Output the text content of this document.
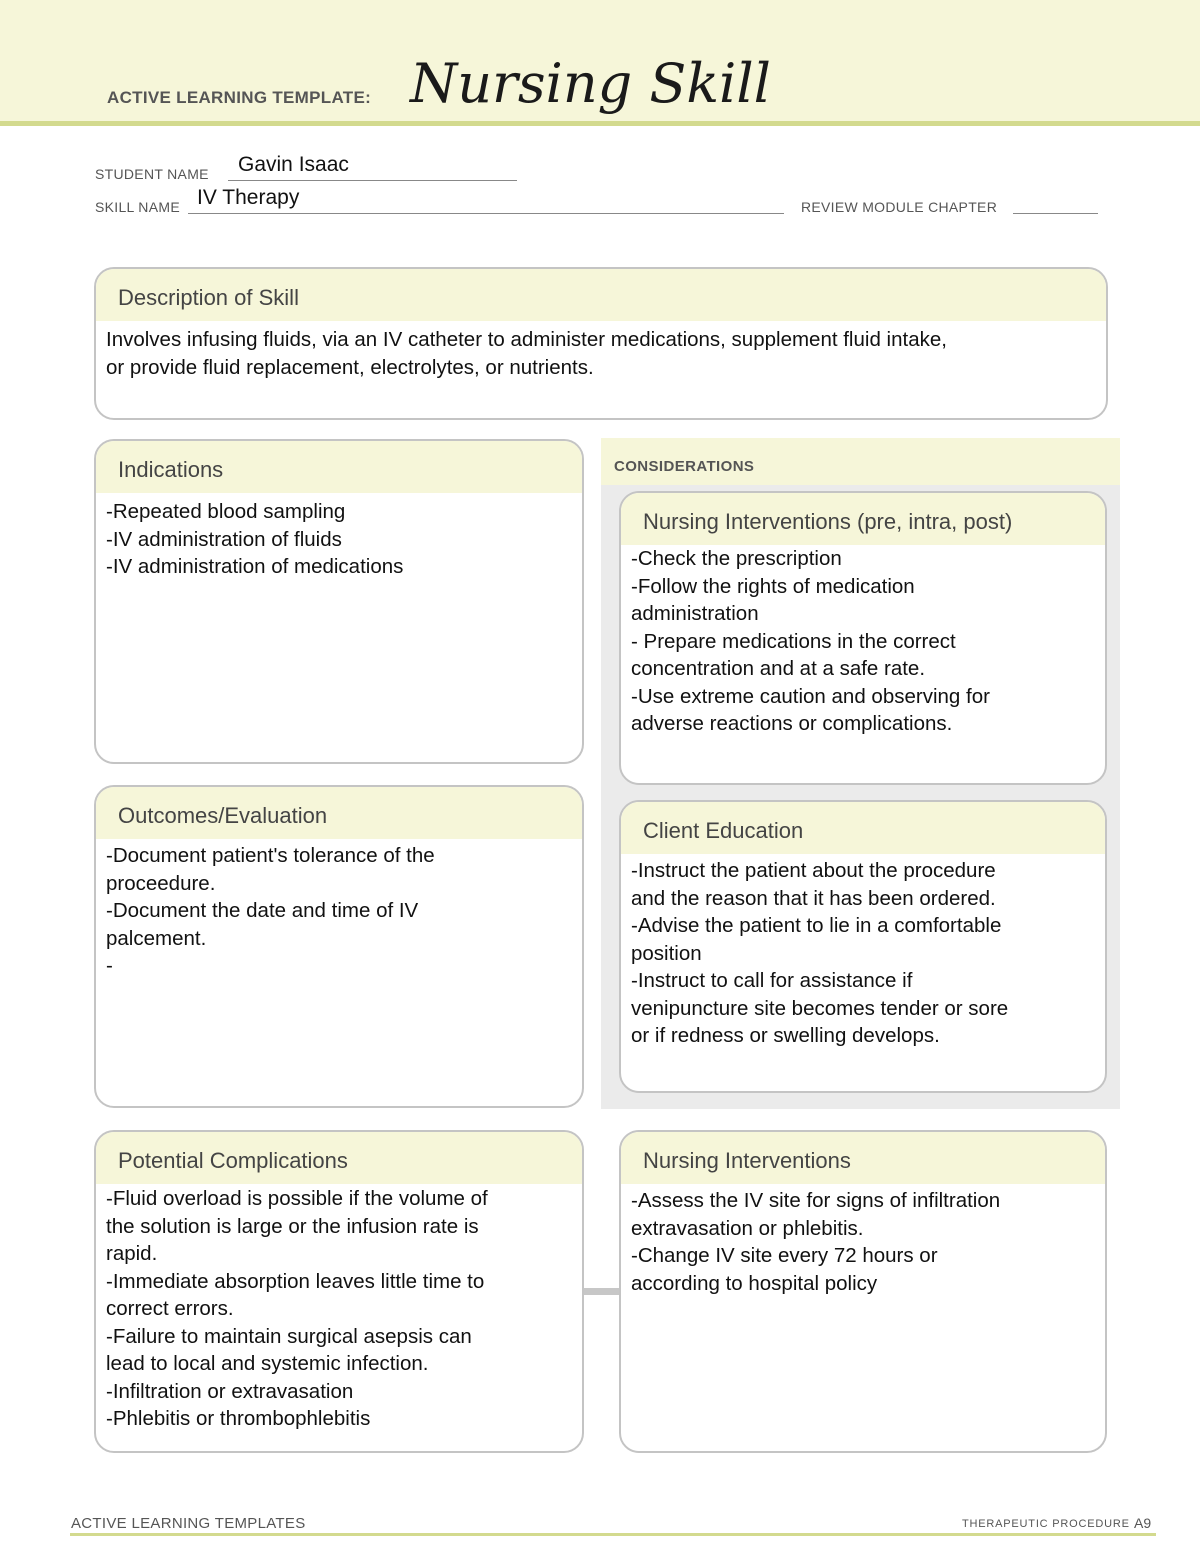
ACTIVE LEARNING TEMPLATE: Nursing Skill
STUDENT NAME Gavin Isaac
SKILL NAME IV Therapy	REVIEW MODULE CHAPTER
Description of Skill
Involves infusing fluids, via an IV catheter to administer medications, supplement fluid intake,
or provide fluid replacement, electrolytes, or nutrients.
Indications
-Repeated blood sampling
-IV administration of fluids
-IV administration of medications
CONSIDERATIONS
Nursing Interventions (pre, intra, post)
-Check the prescription
-Follow the rights of medication
administration
- Prepare medications in the correct
concentration and at a safe rate.
-Use extreme caution and observing for
adverse reactions or complications.
Outcomes/Evaluation
-Document patient's tolerance of the
proceedure.
-Document the date and time of IV
palcement.
-
Client Education
-Instruct the patient about the procedure
and the reason that it has been ordered.
-Advise the patient to lie in a comfortable
position
-Instruct to call for assistance if
venipuncture site becomes tender or sore
or if redness or swelling develops.
Potential Complications
-Fluid overload is possible if the volume of
the solution is large or the infusion rate is
rapid.
-Immediate absorption leaves little time to
correct errors.
-Failure to maintain surgical asepsis can
lead to local and systemic infection.
-Infiltration or extravasation
-Phlebitis or thrombophlebitis
Nursing Interventions
-Assess the IV site for signs of infiltration
extravasation or phlebitis.
-Change IV site every 72 hours or
according to hospital policy
ACTIVE LEARNING TEMPLATES	THERAPEUTIC PROCEDURE A9
